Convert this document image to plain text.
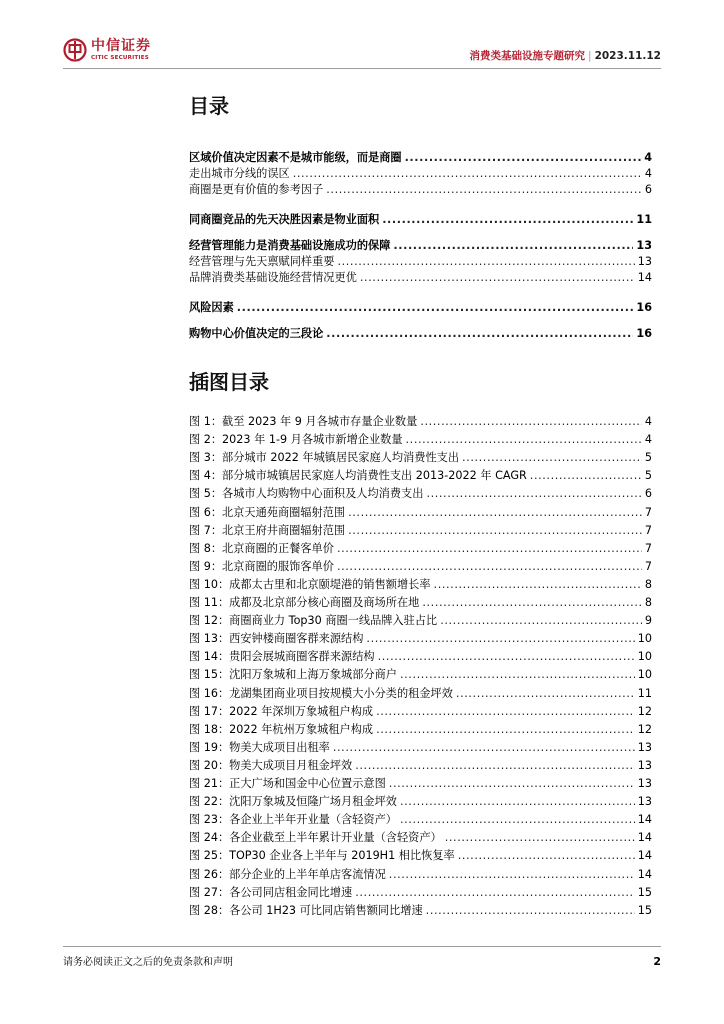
中信证券
CITIC SECURITIES	消费类基础设施专题研究 | 2023.11.12
目录
区域价值决定因素不是城市能级，而是商圈 .....	4
走出城市分线的误区 .....	4
商圈是更有价值的参考因子 .....	6
同商圈竞品的先天决胜因素是物业面积 .....	11
经营管理能力是消费基础设施成功的保障 .....	13
经营管理与先天禀赋同样重要 .....	13
品牌消费类基础设施经营情况更优 .....	14
风险因素 .....	16
购物中心价值决定的三段论 .....	16
插图目录
图 1：截至 2023 年 9 月各城市存量企业数量 .....	4
图 2：2023 年 1-9 月各城市新增企业数量 .....	4
图 3：部分城市 2022 年城镇居民家庭人均消费性支出 .....	5
图 4：部分城市城镇居民家庭人均消费性支出 2013-2022 年 CAGR .....	5
图 5：各城市人均购物中心面积及人均消费支出 .....	6
图 6：北京天通苑商圈辐射范围 .....	7
图 7：北京王府井商圈辐射范围 .....	7
图 8：北京商圈的正餐客单价 .....	7
图 9：北京商圈的服饰客单价 .....	7
图 10：成都太古里和北京颐堤港的销售额增长率 .....	8
图 11：成都及北京部分核心商圈及商场所在地 .....	8
图 12：商圈商业力 Top30 商圈一线品牌入驻占比 .....	9
图 13：西安钟楼商圈客群来源结构 .....	10
图 14：贵阳会展城商圈客群来源结构 .....	10
图 15：沈阳万象城和上海万象城部分商户 .....	10
图 16：龙湖集团商业项目按规模大小分类的租金坪效 .....	11
图 17：2022 年深圳万象城租户构成 .....	12
图 18：2022 年杭州万象城租户构成 .....	12
图 19：物美大成项目出租率 .....	13
图 20：物美大成项目月租金坪效 .....	13
图 21：正大广场和国金中心位置示意图 .....	13
图 22：沈阳万象城及恒隆广场月租金坪效 .....	13
图 23：各企业上半年开业量（含轻资产） .....	14
图 24：各企业截至上半年累计开业量（含轻资产） .....	14
图 25：TOP30 企业各上半年与 2019H1 相比恢复率 .....	14
图 26：部分企业的上半年单店客流情况 .....	14
图 27：各公司同店租金同比增速 .....	15
图 28：各公司 1H23 可比同店销售额同比增速 .....	15
请务必阅读正文之后的免责条款和声明	2
